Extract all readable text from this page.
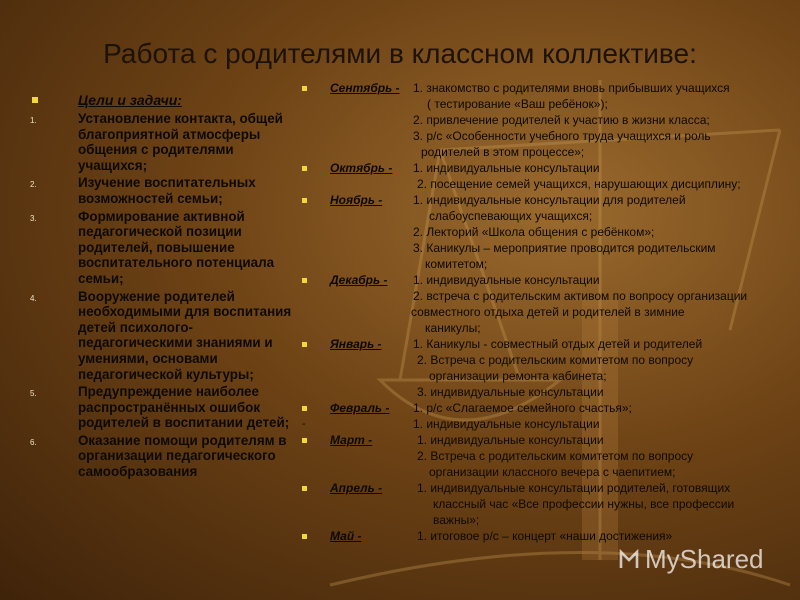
Работа с родителями в классном коллективе:
Цели и задачи:
1.	Установление контакта, общей благоприятной атмосферы общения с родителями учащихся;
2.	Изучение воспитательных возможностей семьи;
3.	Формирование активной педагогической позиции родителей, повышение воспитательного потенциала семьи;
4.	Вооружение родителей необходимыми для воспитания детей психолого-педагогическими знаниями и умениями, основами педагогической культуры;
5.	Предупреждение наиболее распространённых ошибок родителей в воспитании детей;
6.	Оказание помощи родителям в организации педагогического самообразования
Сентябрь -	1. знакомство с родителями вновь прибывших учащихся
( тестирование «Ваш ребёнок»);
2. привлечение родителей к участию в жизни класса;
3. р/с «Особенности учебного труда учащихся и роль
родителей в этом процессе»;
Октябрь -	1. индивидуальные консультации
2. посещение семей учащихся, нарушающих дисциплину;
Ноябрь -	1. индивидуальные консультации для родителей
слабоуспевающих учащихся;
2. Лекторий «Школа общения с ребёнком»;
3. Каникулы – мероприятие проводится родительским
комитетом;
Декабрь -	1. индивидуальные консультации
2. встреча с родительским активом по вопросу организации
совместного отдыха детей и родителей в зимние
каникулы;
Январь -	1. Каникулы - совместный отдых детей и родителей
2. Встреча с родительским комитетом по вопросу
организации ремонта кабинета;
3. индивидуальные консультации
Февраль -	1. р/с «Слагаемое семейного счастья»;
-	1. индивидуальные консультации
Март -	1. индивидуальные консультации
2. Встреча с родительским комитетом по вопросу
организации классного вечера с чаепитием;
Апрель -	1. индивидуальные консультации родителей, готовящих
классный час «Все профессии нужны, все профессии
важны»;
Май -	1. итоговое р/с – концерт «наши достижения»
MyShared
